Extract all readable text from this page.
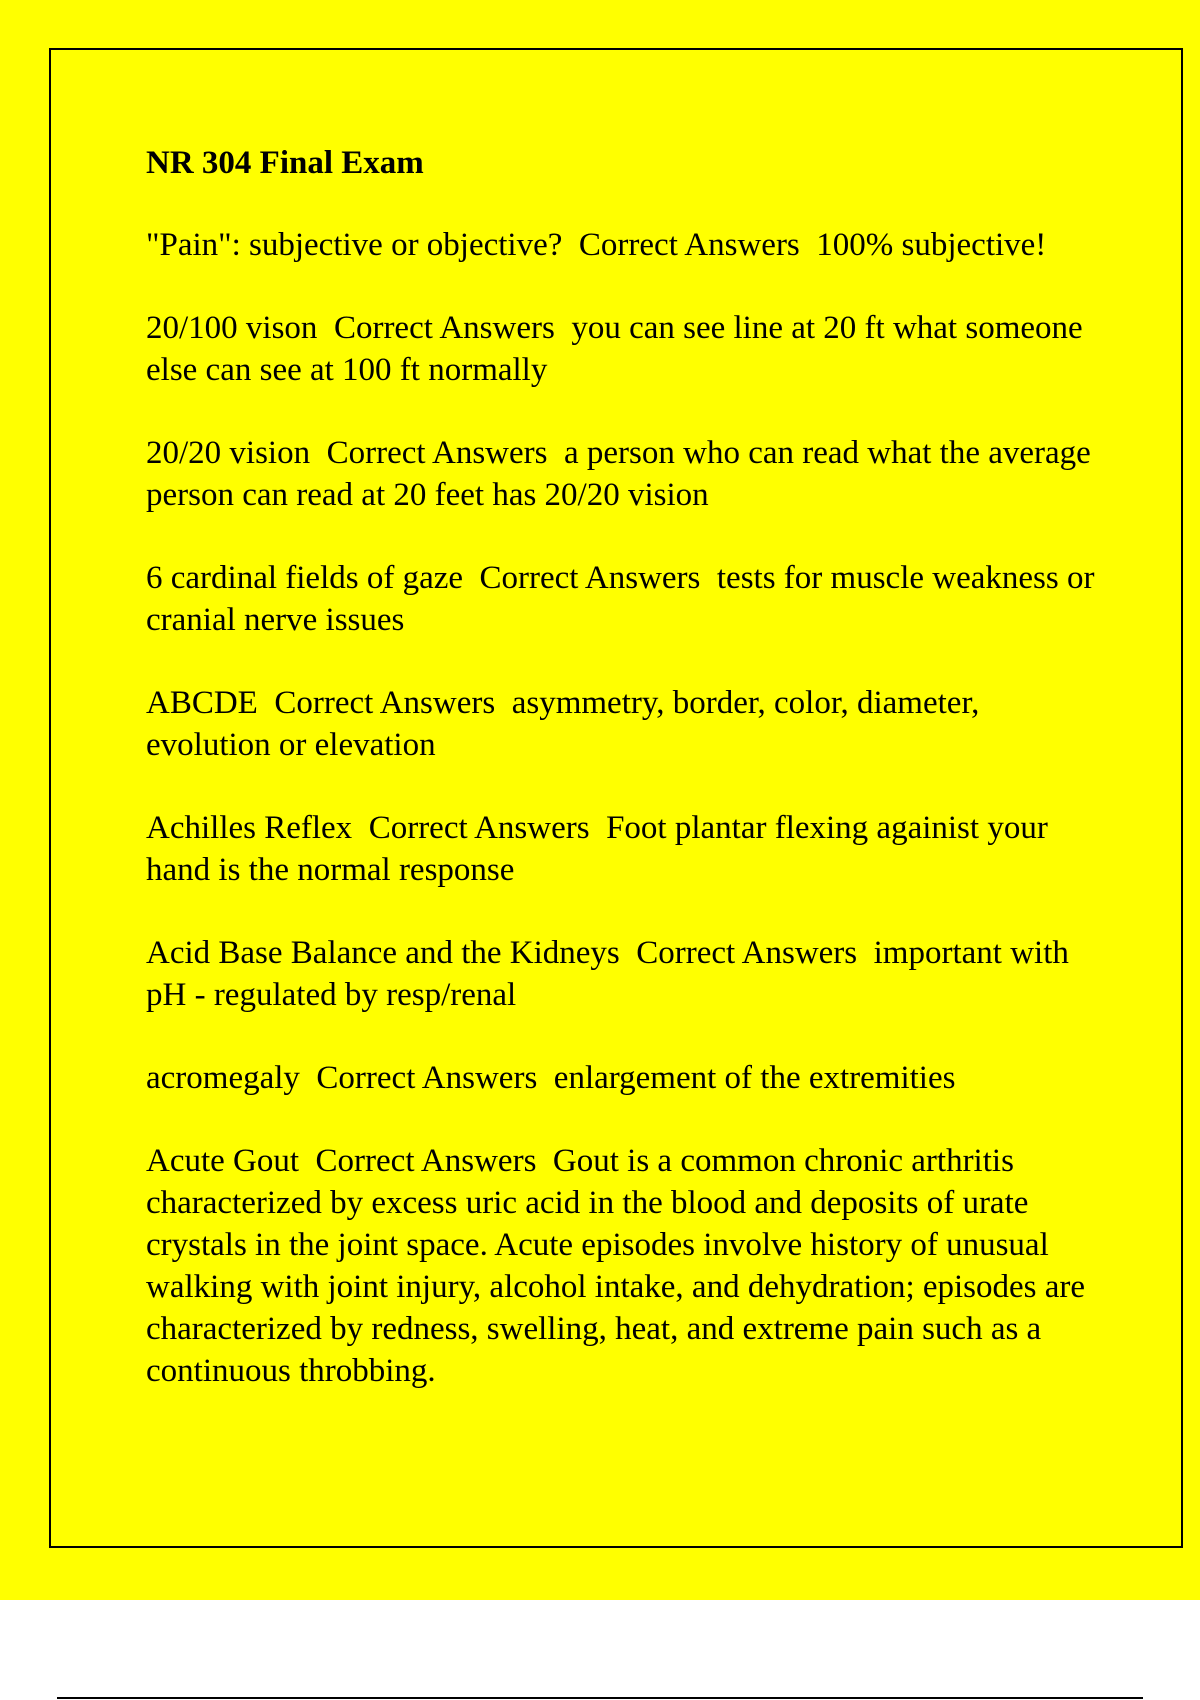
NR 304 Final Exam
"Pain": subjective or objective? Correct Answers 100% subjective!
20/100 vison Correct Answers you can see line at 20 ft what someone else can see at 100 ft normally
20/20 vision Correct Answers a person who can read what the average person can read at 20 feet has 20/20 vision
6 cardinal fields of gaze Correct Answers tests for muscle weakness or cranial nerve issues
ABCDE Correct Answers asymmetry, border, color, diameter, evolution or elevation
Achilles Reflex Correct Answers Foot plantar flexing againist your hand is the normal response
Acid Base Balance and the Kidneys Correct Answers important with pH - regulated by resp/renal
acromegaly Correct Answers enlargement of the extremities
Acute Gout Correct Answers Gout is a common chronic arthritis characterized by excess uric acid in the blood and deposits of urate crystals in the joint space. Acute episodes involve history of unusual walking with joint injury, alcohol intake, and dehydration; episodes are characterized by redness, swelling, heat, and extreme pain such as a continuous throbbing.
